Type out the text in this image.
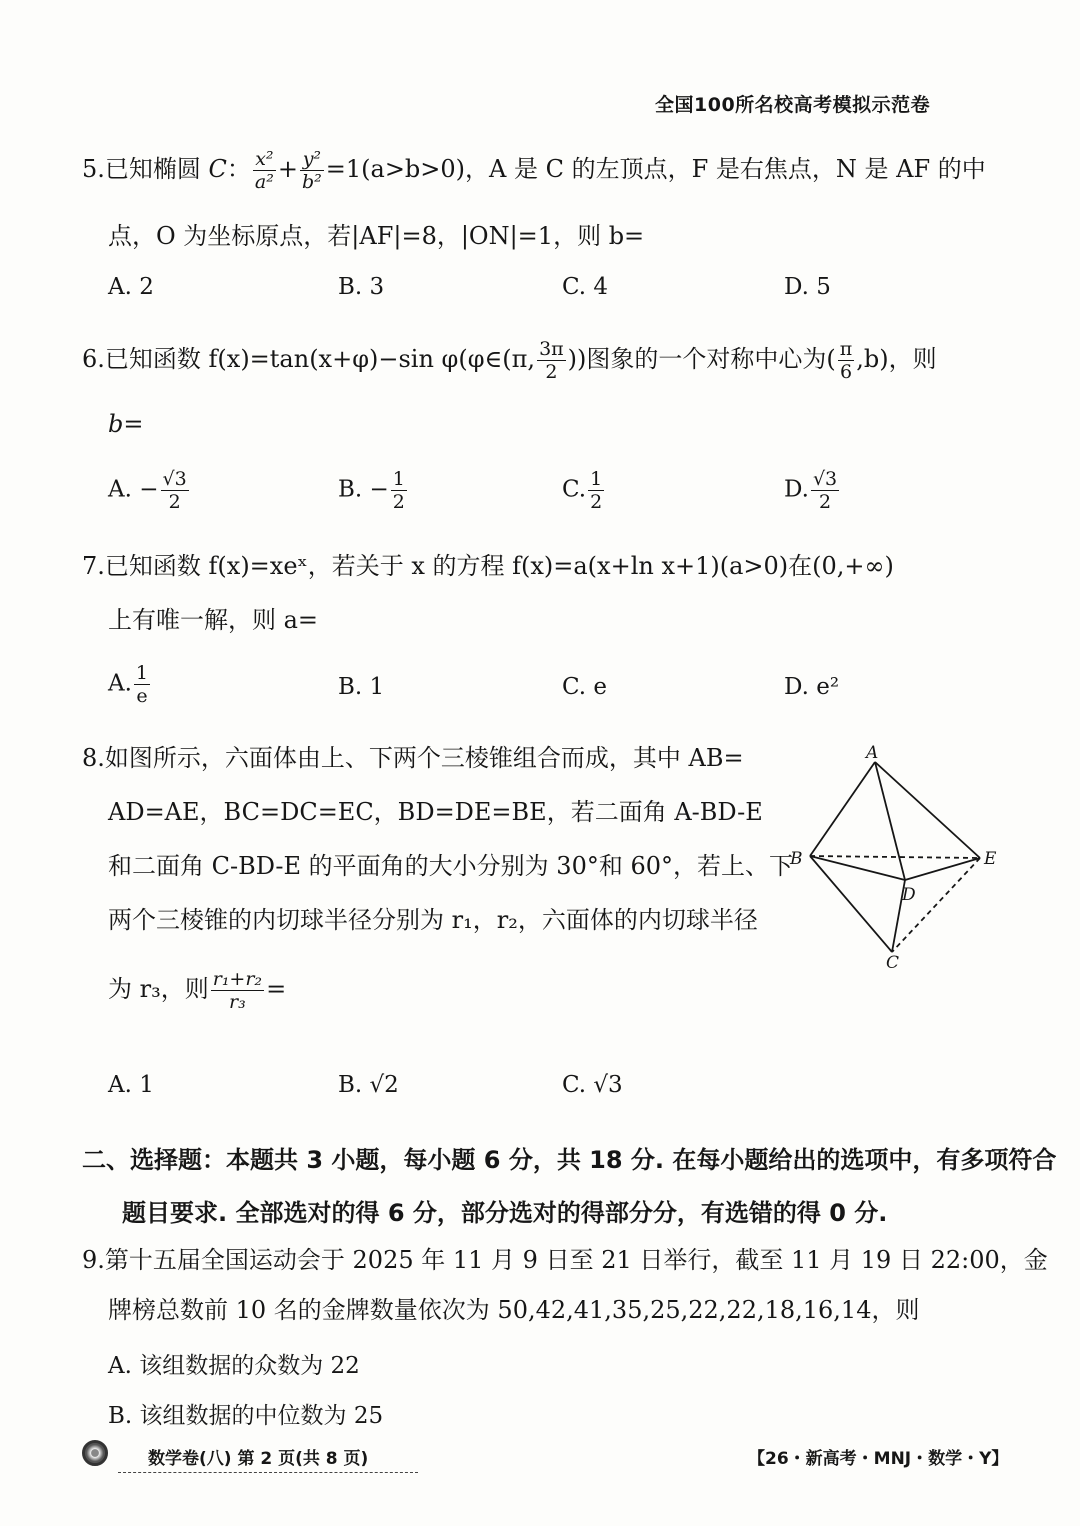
全国100所名校高考模拟示范卷
5.已知椭圆 C： $\frac{\text{x²}}{\text{a²}} + \frac{\text{y²}}{\text{b²}} =1(a>b>0)$，A 是 C 的左顶点，F 是右焦点，N 是 AF 的中
点，O 为坐标原点，若|AF|=8，|ON|=1，则 b=
A. 2	B. 3	C. 4	D. 5
6.已知函数 f(x)=tan(x+φ)−sin φ(φ∈(π, $\frac{3\pi}{2}$ ))图象的一个对称中心为( $\frac{\pi}{6} ,b$)，则
b=
A. − $\frac{√3}{2}$	B. − $\frac{1}{2}$	C. $\frac{1}{2}$	D. $\frac{√3}{2}$
7.已知函数 f(x)=xeˣ，若关于 x 的方程 f(x)=a(x+ln x+1)(a>0)在(0,+∞)
上有唯一解，则 a=
A. $\frac{1}{e}$	B. 1	C. e	D. e²
8.如图所示，六面体由上、下两个三棱锥组合而成，其中 AB=
AD=AE，BC=DC=EC，BD=DE=BE，若二面角 A-BD-E
和二面角 C-BD-E 的平面角的大小分别为 30°和 60°，若上、下
两个三棱锥的内切球半径分别为 r₁，r₂，六面体的内切球半径
为 r₃，则 $\frac{\text{r₁+r₂}}{\text{r₃}}$ =
A. 1	B. √2	C. √3
A
B	E
D
C
二、选择题：本题共 3 小题，每小题 6 分，共 18 分. 在每小题给出的选项中，有多项符合
题目要求. 全部选对的得 6 分，部分选对的得部分分，有选错的得 0 分.
9.第十五届全国运动会于 2025 年 11 月 9 日至 21 日举行，截至 11 月 19 日 22:00，金
牌榜总数前 10 名的金牌数量依次为 50,42,41,35,25,22,22,18,16,14，则
A. 该组数据的众数为 22
B. 该组数据的中位数为 25
数学卷(八) 第 2 页(共 8 页)	【26・新高考・MNJ・数学・Y】
